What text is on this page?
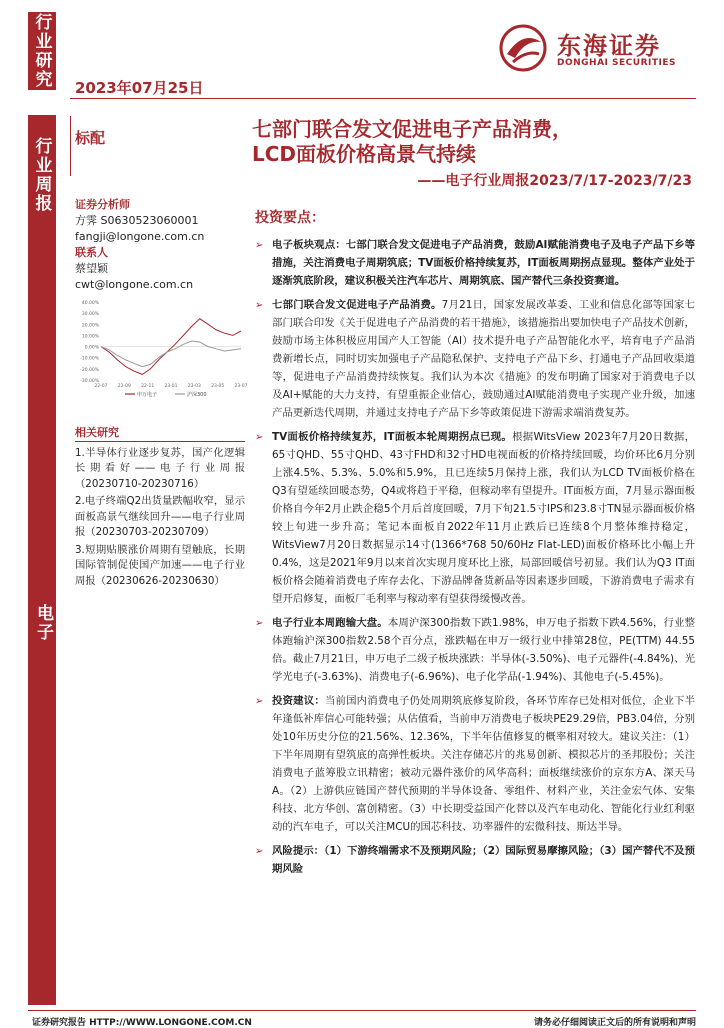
行业研究
行业周报
电子
2023年07月25日
东海证券
DONGHAI SECURITIES
标配	七部门联合发文促进电子产品消费，
LCD面板价格高景气持续
——电子行业周报2023/7/17-2023/7/23
证券分析师
方霁 S0630523060001
fangji@longone.com.cn
联系人
蔡望颖
cwt@longone.com.cn
40.00%
30.00%
20.00%
10.00%
0.00%
-10.00%
-20.00%
-30.00%
22-07 22-09 22-11 23-01 23-03 23-05 23-07
申万电子	沪深300
相关研究
1.半导体行业逐步复苏，国产化逻辑长期看好——电子行业周报（20230710-20230716）
2.电子终端Q2出货量跌幅收窄，显示面板高景气继续回升——电子行业周报（20230703-20230709）
3.短期贴膜涨价周期有望触底，长期国际管制促使国产加速——电子行业周报（20230626-20230630）
投资要点：
➢ 电子板块观点：七部门联合发文促进电子产品消费，鼓励AI赋能消费电子及电子产品下乡等措施，关注消费电子周期筑底；TV面板价格持续复苏，IT面板周期拐点显现。整体产业处于逐渐筑底阶段，建议积极关注汽车芯片、周期筑底、国产替代三条投资赛道。
➢ 七部门联合发文促进电子产品消费。7月21日，国家发展改革委、工业和信息化部等国家七部门联合印发《关于促进电子产品消费的若干措施》，该措施指出要加快电子产品技术创新，鼓励市场主体积极应用国产人工智能（AI）技术提升电子产品智能化水平，培育电子产品消费新增长点，同时切实加强电子产品隐私保护、支持电子产品下乡、打通电子产品回收渠道等，促进电子产品消费持续恢复。我们认为本次《措施》的发布明确了国家对于消费电子以及AI+赋能的大力支持，有望重振企业信心，鼓励通过AI赋能消费电子实现产业升级，加速产品更新迭代周期，并通过支持电子产品下乡等政策促进下游需求端消费复苏。
➢ TV面板价格持续复苏，IT面板本轮周期拐点已现。根据WitsView 2023年7月20日数据，65寸QHD、55寸QHD、43寸FHD和32寸HD电视面板的价格持续回暖，均价环比6月分别上涨4.5%、5.3%、5.0%和5.9%，且已连续5月保持上涨，我们认为LCD TV面板价格在Q3有望延续回暖态势，Q4或将趋于平稳，但稼动率有望提升。IT面板方面，7月显示器面板价格自今年2月止跌企稳5个月后首度回暖，7月下旬21.5寸IPS和23.8寸TN显示器面板价格较上旬进一步升高；笔记本面板自2022年11月止跌后已连续8个月整体维持稳定，WitsView7月20日数据显示14寸(1366*768 50/60Hz Flat-LED)面板价格环比小幅上升0.4%，这是2021年9月以来首次实现月度环比上涨，局部回暖信号初显。我们认为Q3 IT面板价格会随着消费电子库存去化、下游品牌备货新品等因素逐步回暖，下游消费电子需求有望开启修复，面板厂毛利率与稼动率有望获得缓慢改善。
➢ 电子行业本周跑输大盘。本周沪深300指数下跌1.98%，申万电子指数下跌4.56%，行业整体跑输沪深300指数2.58个百分点，涨跌幅在申万一级行业中排第28位，PE(TTM) 44.55倍。截止7月21日，申万电子二级子板块涨跌：半导体(-3.50%)、电子元器件(-4.84%)、光学光电子(-3.63%)、消费电子(-6.96%)、电子化学品(-1.94%)、其他电子(-5.45%)。
➢ 投资建议：当前国内消费电子仍处周期筑底修复阶段，各环节库存已处相对低位，企业下半年逢低补库信心可能转强；从估值看，当前申万消费电子板块PE29.29倍，PB3.04倍，分别处10年历史分位的21.56%、12.36%，下半年估值修复的概率相对较大。建议关注：（1）下半年周期有望筑底的高弹性板块。关注存储芯片的兆易创新、模拟芯片的圣邦股份；关注消费电子蓝筹股立讯精密；被动元器件涨价的风华高科；面板继续涨价的京东方A、深天马A。（2）上游供应链国产替代预期的半导体设备、零组件、材料产业，关注金宏气体、安集科技、北方华创、富创精密。（3）中长期受益国产化替以及汽车电动化、智能化行业红利驱动的汽车电子，可以关注MCU的国芯科技、功率器件的宏微科技、斯达半导。
➢ 风险提示：（1）下游终端需求不及预期风险；（2）国际贸易摩擦风险；（3）国产替代不及预期风险
证券研究报告 HTTP://WWW.LONGONE.COM.CN	请务必仔细阅读正文后的所有说明和声明
